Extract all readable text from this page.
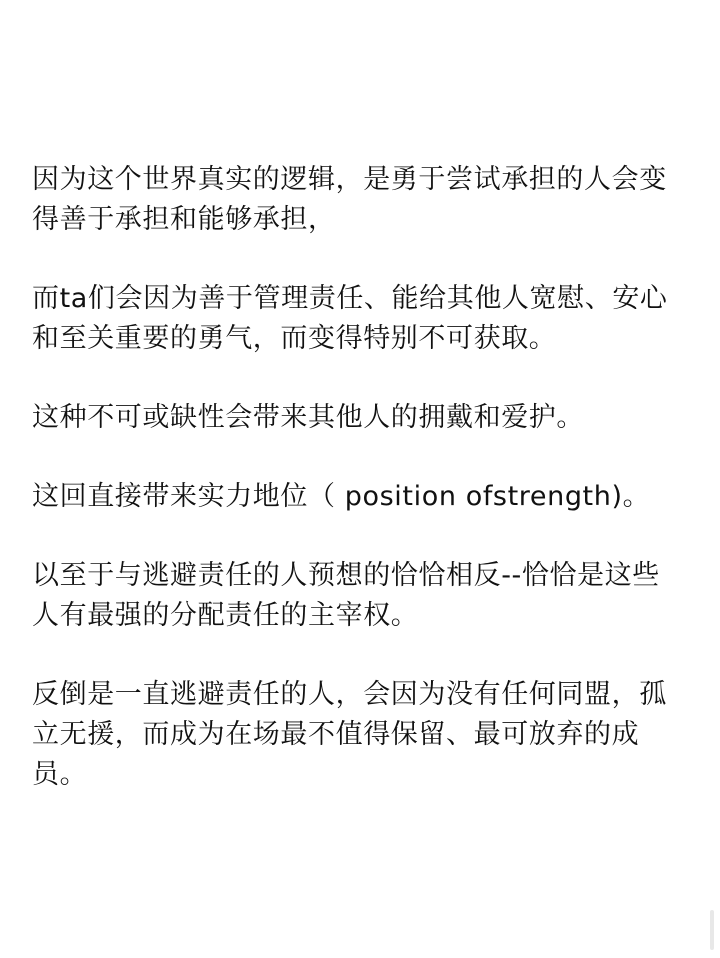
因为这个世界真实的逻辑，是勇于尝试承担的人会变得善于承担和能够承担，

而ta们会因为善于管理责任、能给其他人宽慰、安心和至关重要的勇气，而变得特别不可获取。

这种不可或缺性会带来其他人的拥戴和爱护。

这回直接带来实力地位（ position ofstrength)。

以至于与逃避责任的人预想的恰恰相反--恰恰是这些人有最强的分配责任的主宰权。

反倒是一直逃避责任的人，会因为没有任何同盟，孤立无援，而成为在场最不值得保留、最可放弃的成员。
